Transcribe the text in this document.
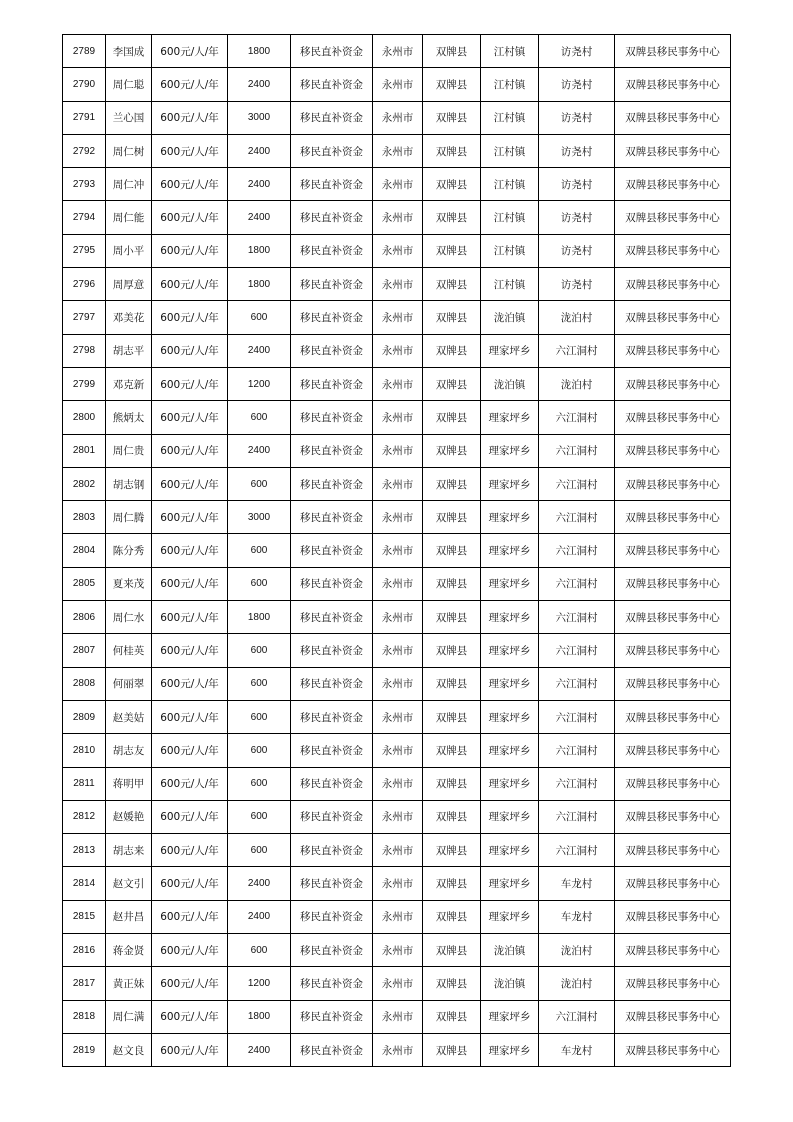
2789	李国成	600元/人/年	1800	移民直补资金	永州市	双牌县	江村镇	访尧村	双牌县移民事务中心
2790	周仁聪	600元/人/年	2400	移民直补资金	永州市	双牌县	江村镇	访尧村	双牌县移民事务中心
2791	兰心国	600元/人/年	3000	移民直补资金	永州市	双牌县	江村镇	访尧村	双牌县移民事务中心
2792	周仁树	600元/人/年	2400	移民直补资金	永州市	双牌县	江村镇	访尧村	双牌县移民事务中心
2793	周仁冲	600元/人/年	2400	移民直补资金	永州市	双牌县	江村镇	访尧村	双牌县移民事务中心
2794	周仁能	600元/人/年	2400	移民直补资金	永州市	双牌县	江村镇	访尧村	双牌县移民事务中心
2795	周小平	600元/人/年	1800	移民直补资金	永州市	双牌县	江村镇	访尧村	双牌县移民事务中心
2796	周厚意	600元/人/年	1800	移民直补资金	永州市	双牌县	江村镇	访尧村	双牌县移民事务中心
2797	邓美花	600元/人/年	600	移民直补资金	永州市	双牌县	泷泊镇	泷泊村	双牌县移民事务中心
2798	胡志平	600元/人/年	2400	移民直补资金	永州市	双牌县	理家坪乡	六江洞村	双牌县移民事务中心
2799	邓克新	600元/人/年	1200	移民直补资金	永州市	双牌县	泷泊镇	泷泊村	双牌县移民事务中心
2800	熊炳太	600元/人/年	600	移民直补资金	永州市	双牌县	理家坪乡	六江洞村	双牌县移民事务中心
2801	周仁贵	600元/人/年	2400	移民直补资金	永州市	双牌县	理家坪乡	六江洞村	双牌县移民事务中心
2802	胡志钢	600元/人/年	600	移民直补资金	永州市	双牌县	理家坪乡	六江洞村	双牌县移民事务中心
2803	周仁腾	600元/人/年	3000	移民直补资金	永州市	双牌县	理家坪乡	六江洞村	双牌县移民事务中心
2804	陈分秀	600元/人/年	600	移民直补资金	永州市	双牌县	理家坪乡	六江洞村	双牌县移民事务中心
2805	夏来茂	600元/人/年	600	移民直补资金	永州市	双牌县	理家坪乡	六江洞村	双牌县移民事务中心
2806	周仁水	600元/人/年	1800	移民直补资金	永州市	双牌县	理家坪乡	六江洞村	双牌县移民事务中心
2807	何桂英	600元/人/年	600	移民直补资金	永州市	双牌县	理家坪乡	六江洞村	双牌县移民事务中心
2808	何丽翠	600元/人/年	600	移民直补资金	永州市	双牌县	理家坪乡	六江洞村	双牌县移民事务中心
2809	赵美姑	600元/人/年	600	移民直补资金	永州市	双牌县	理家坪乡	六江洞村	双牌县移民事务中心
2810	胡志友	600元/人/年	600	移民直补资金	永州市	双牌县	理家坪乡	六江洞村	双牌县移民事务中心
2811	蒋明甲	600元/人/年	600	移民直补资金	永州市	双牌县	理家坪乡	六江洞村	双牌县移民事务中心
2812	赵媛艳	600元/人/年	600	移民直补资金	永州市	双牌县	理家坪乡	六江洞村	双牌县移民事务中心
2813	胡志来	600元/人/年	600	移民直补资金	永州市	双牌县	理家坪乡	六江洞村	双牌县移民事务中心
2814	赵文引	600元/人/年	2400	移民直补资金	永州市	双牌县	理家坪乡	车龙村	双牌县移民事务中心
2815	赵井昌	600元/人/年	2400	移民直补资金	永州市	双牌县	理家坪乡	车龙村	双牌县移民事务中心
2816	蒋金贤	600元/人/年	600	移民直补资金	永州市	双牌县	泷泊镇	泷泊村	双牌县移民事务中心
2817	黄正妹	600元/人/年	1200	移民直补资金	永州市	双牌县	泷泊镇	泷泊村	双牌县移民事务中心
2818	周仁满	600元/人/年	1800	移民直补资金	永州市	双牌县	理家坪乡	六江洞村	双牌县移民事务中心
2819	赵文良	600元/人/年	2400	移民直补资金	永州市	双牌县	理家坪乡	车龙村	双牌县移民事务中心
